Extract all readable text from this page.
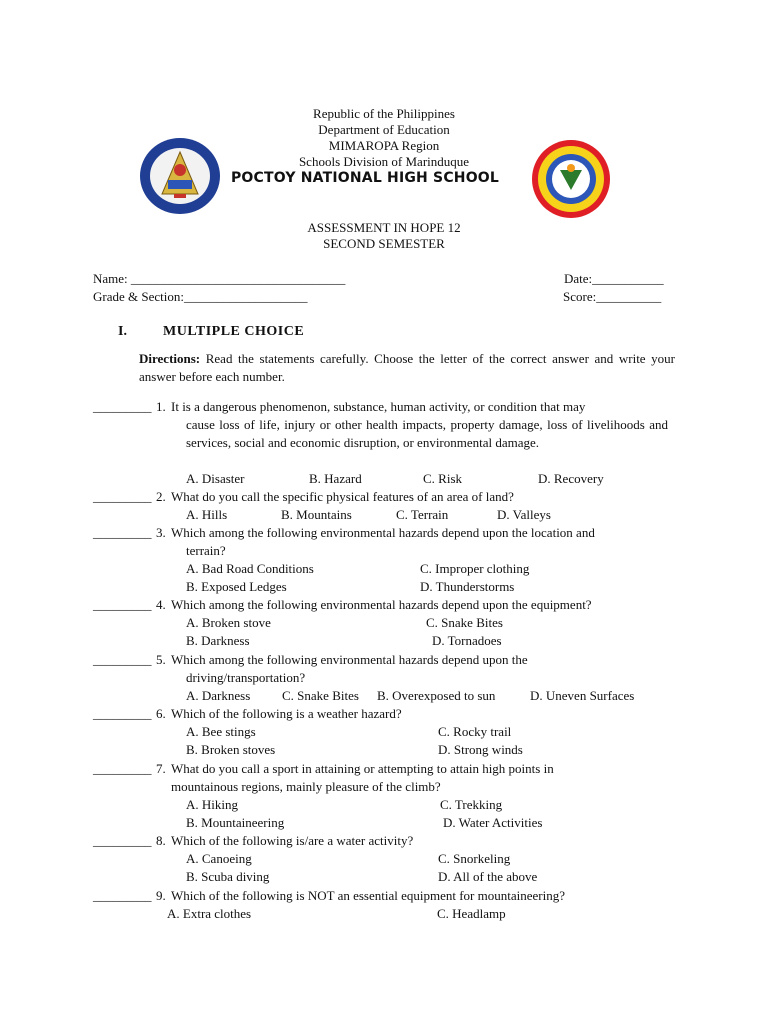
Republic of the Philippines
Department of Education
MIMAROPA Region
Schools Division of Marinduque
POCTOY NATIONAL HIGH SCHOOL
ASSESSMENT IN HOPE 12
SECOND SEMESTER
Name: _________________________________	Date:___________
Grade & Section:___________________	Score:__________
I.	MULTIPLE CHOICE
Directions: Read the statements carefully. Choose the letter of the correct answer and write your answer before each number.
_________ 1. It is a dangerous phenomenon, substance, human activity, or condition that may
cause loss of life, injury or other health impacts, property damage, loss of livelihoods and services, social and economic disruption, or environmental damage.
A. Disaster	B. Hazard	C. Risk	D. Recovery
_________ 2. What do you call the specific physical features of an area of land?
A. Hills	B. Mountains	C. Terrain	D. Valleys
_________ 3. Which among the following environmental hazards depend upon the location and
terrain?
A. Bad Road Conditions	C. Improper clothing
B. Exposed Ledges	D. Thunderstorms
_________ 4. Which among the following environmental hazards depend upon the equipment?
A. Broken stove	C. Snake Bites
B. Darkness	D. Tornadoes
_________ 5. Which among the following environmental hazards depend upon the
driving/transportation?
A. Darkness C. Snake Bites B. Overexposed to sun	D. Uneven Surfaces
_________ 6. Which of the following is a weather hazard?
A. Bee stings	C. Rocky trail
B. Broken stoves	D. Strong winds
_________ 7. What do you call a sport in attaining or attempting to attain high points in
mountainous regions, mainly pleasure of the climb?
A. Hiking	C. Trekking
B. Mountaineering	D. Water Activities
_________ 8. Which of the following is/are a water activity?
A. Canoeing	C. Snorkeling
B. Scuba diving	D. All of the above
_________ 9. Which of the following is NOT an essential equipment for mountaineering?
A. Extra clothes	C. Headlamp
